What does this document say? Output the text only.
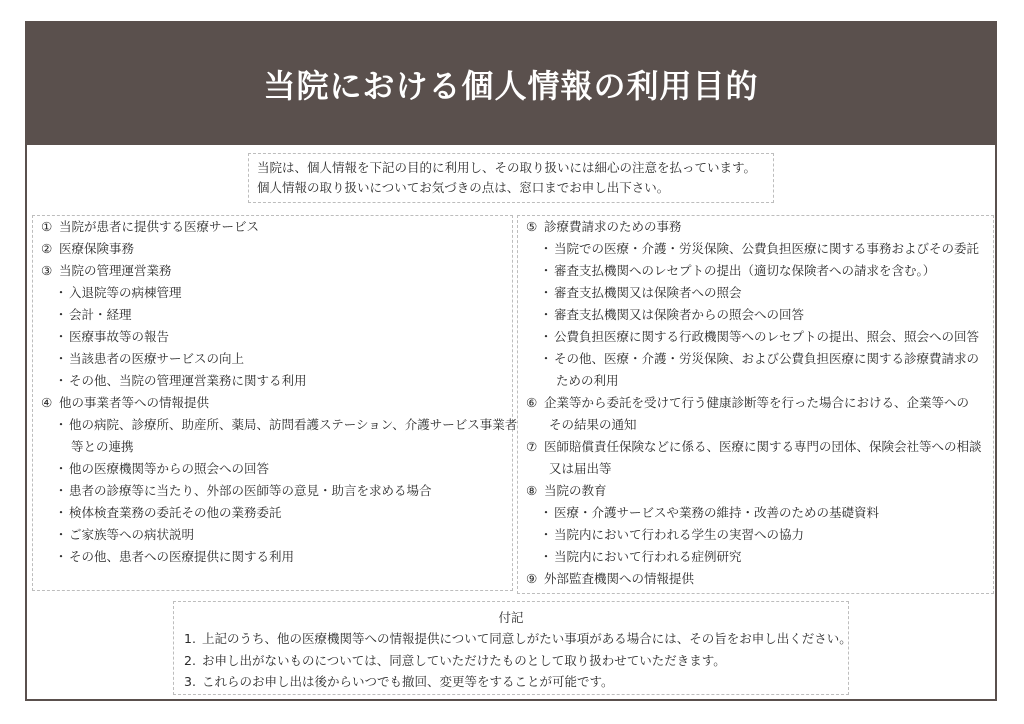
当院における個人情報の利用目的
当院は、個人情報を下記の目的に利用し、その取り扱いには細心の注意を払っています。
個人情報の取り扱いについてお気づきの点は、窓口までお申し出下さい。
① 当院が患者に提供する医療サービス
② 医療保険事務
③ 当院の管理運営業務
・ 入退院等の病棟管理
・ 会計・経理
・ 医療事故等の報告
・ 当該患者の医療サービスの向上
・ その他、当院の管理運営業務に関する利用
④ 他の事業者等への情報提供
・ 他の病院、診療所、助産所、薬局、訪問看護ステーション、介護サービス事業者
等との連携
・ 他の医療機関等からの照会への回答
・ 患者の診療等に当たり、外部の医師等の意見・助言を求める場合
・ 検体検査業務の委託その他の業務委託
・ ご家族等への病状説明
・ その他、患者への医療提供に関する利用
⑤ 診療費請求のための事務
・ 当院での医療・介護・労災保険、公費負担医療に関する事務およびその委託
・ 審査支払機関へのレセプトの提出（適切な保険者への請求を含む。）
・ 審査支払機関又は保険者への照会
・ 審査支払機関又は保険者からの照会への回答
・ 公費負担医療に関する行政機関等へのレセプトの提出、照会、照会への回答
・ その他、医療・介護・労災保険、および公費負担医療に関する診療費請求の
ための利用
⑥ 企業等から委託を受けて行う健康診断等を行った場合における、企業等への
その結果の通知
⑦ 医師賠償責任保険などに係る、医療に関する専門の団体、保険会社等への相談
又は届出等
⑧ 当院の教育
・ 医療・介護サービスや業務の維持・改善のための基礎資料
・ 当院内において行われる学生の実習への協力
・ 当院内において行われる症例研究
⑨ 外部監査機関への情報提供
付記
1. 上記のうち、他の医療機関等への情報提供について同意しがたい事項がある場合には、その旨をお申し出ください。
2. お申し出がないものについては、同意していただけたものとして取り扱わせていただきます。
3. これらのお申し出は後からいつでも撤回、変更等をすることが可能です。
